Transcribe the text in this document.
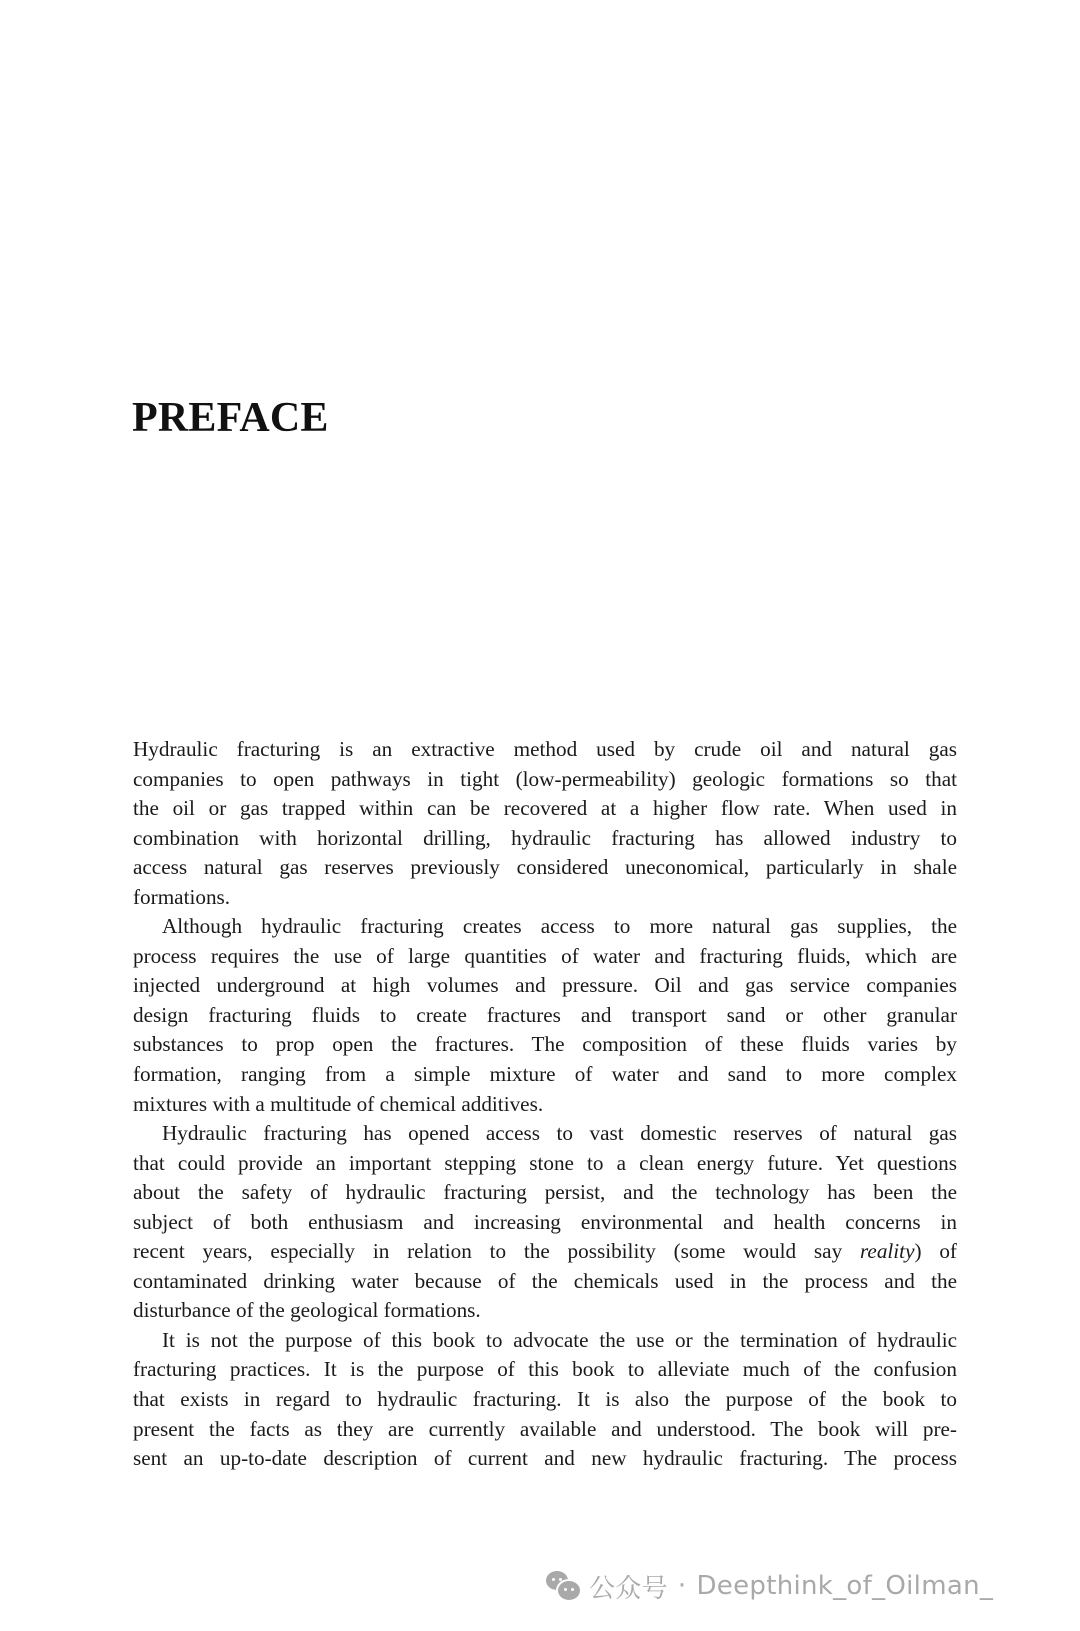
PREFACE
Hydraulic fracturing is an extractive method used by crude oil and natural gas
companies to open pathways in tight (low-permeability) geologic formations so that
the oil or gas trapped within can be recovered at a higher flow rate. When used in
combination with horizontal drilling, hydraulic fracturing has allowed industry to
access natural gas reserves previously considered uneconomical, particularly in shale
formations.
Although hydraulic fracturing creates access to more natural gas supplies, the
process requires the use of large quantities of water and fracturing fluids, which are
injected underground at high volumes and pressure. Oil and gas service companies
design fracturing fluids to create fractures and transport sand or other granular
substances to prop open the fractures. The composition of these fluids varies by
formation, ranging from a simple mixture of water and sand to more complex
mixtures with a multitude of chemical additives.
Hydraulic fracturing has opened access to vast domestic reserves of natural gas
that could provide an important stepping stone to a clean energy future. Yet questions
about the safety of hydraulic fracturing persist, and the technology has been the
subject of both enthusiasm and increasing environmental and health concerns in
recent years, especially in relation to the possibility (some would say reality) of
contaminated drinking water because of the chemicals used in the process and the
disturbance of the geological formations.
It is not the purpose of this book to advocate the use or the termination of hydraulic
fracturing practices. It is the purpose of this book to alleviate much of the confusion
that exists in regard to hydraulic fracturing. It is also the purpose of the book to
present the facts as they are currently available and understood. The book will pre-
sent an up-to-date description of current and new hydraulic fracturing. The process
公众号 · Deepthink_of_Oilman_
